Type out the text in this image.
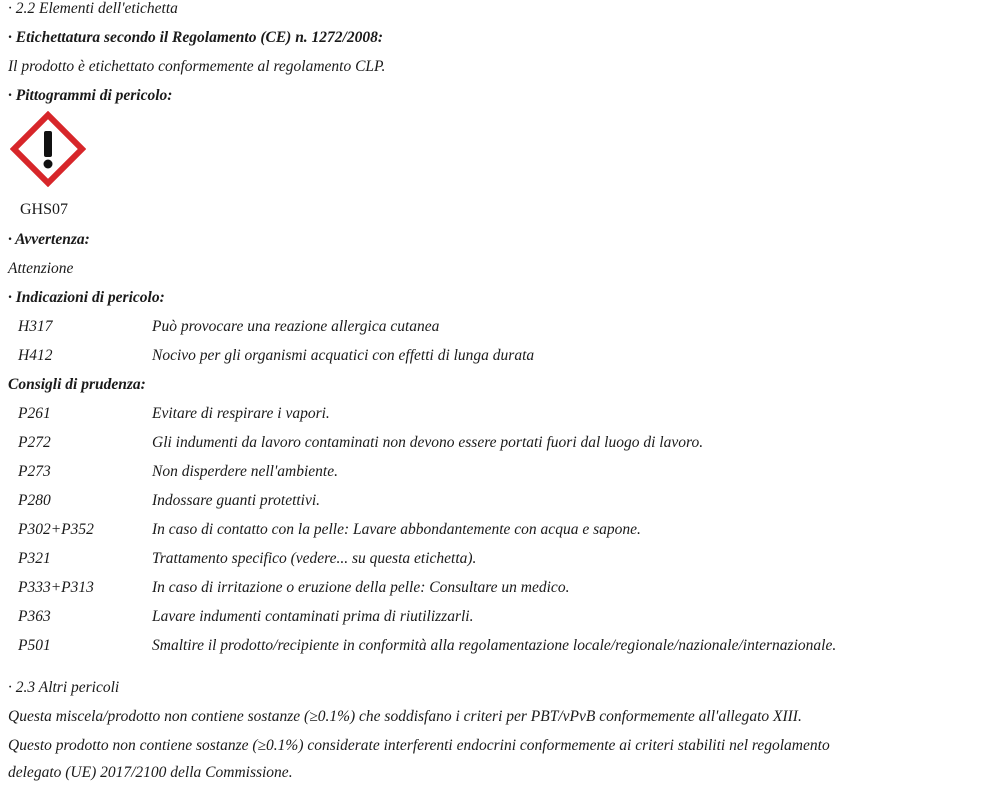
· 2.2 Elementi dell'etichetta
· Etichettatura secondo il Regolamento (CE) n. 1272/2008:
Il prodotto è etichettato conformemente al regolamento CLP.
· Pittogrammi di pericolo:
GHS07
· Avvertenza:
Attenzione
· Indicazioni di pericolo:
H317	Può provocare una reazione allergica cutanea
H412	Nocivo per gli organismi acquatici con effetti di lunga durata
Consigli di prudenza:
P261	Evitare di respirare i vapori.
P272	Gli indumenti da lavoro contaminati non devono essere portati fuori dal luogo di lavoro.
P273	Non disperdere nell'ambiente.
P280	Indossare guanti protettivi.
P302+P352	In caso di contatto con la pelle: Lavare abbondantemente con acqua e sapone.
P321	Trattamento specifico (vedere... su questa etichetta).
P333+P313	In caso di irritazione o eruzione della pelle: Consultare un medico.
P363	Lavare indumenti contaminati prima di riutilizzarli.
P501	Smaltire il prodotto/recipiente in conformità alla regolamentazione locale/regionale/nazionale/internazionale.
· 2.3 Altri pericoli
Questa miscela/prodotto non contiene sostanze (≥0.1%) che soddisfano i criteri per PBT/vPvB conformemente all'allegato XIII.
Questo prodotto non contiene sostanze (≥0.1%) considerate interferenti endocrini conformemente ai criteri stabiliti nel regolamento
delegato (UE) 2017/2100 della Commissione.
